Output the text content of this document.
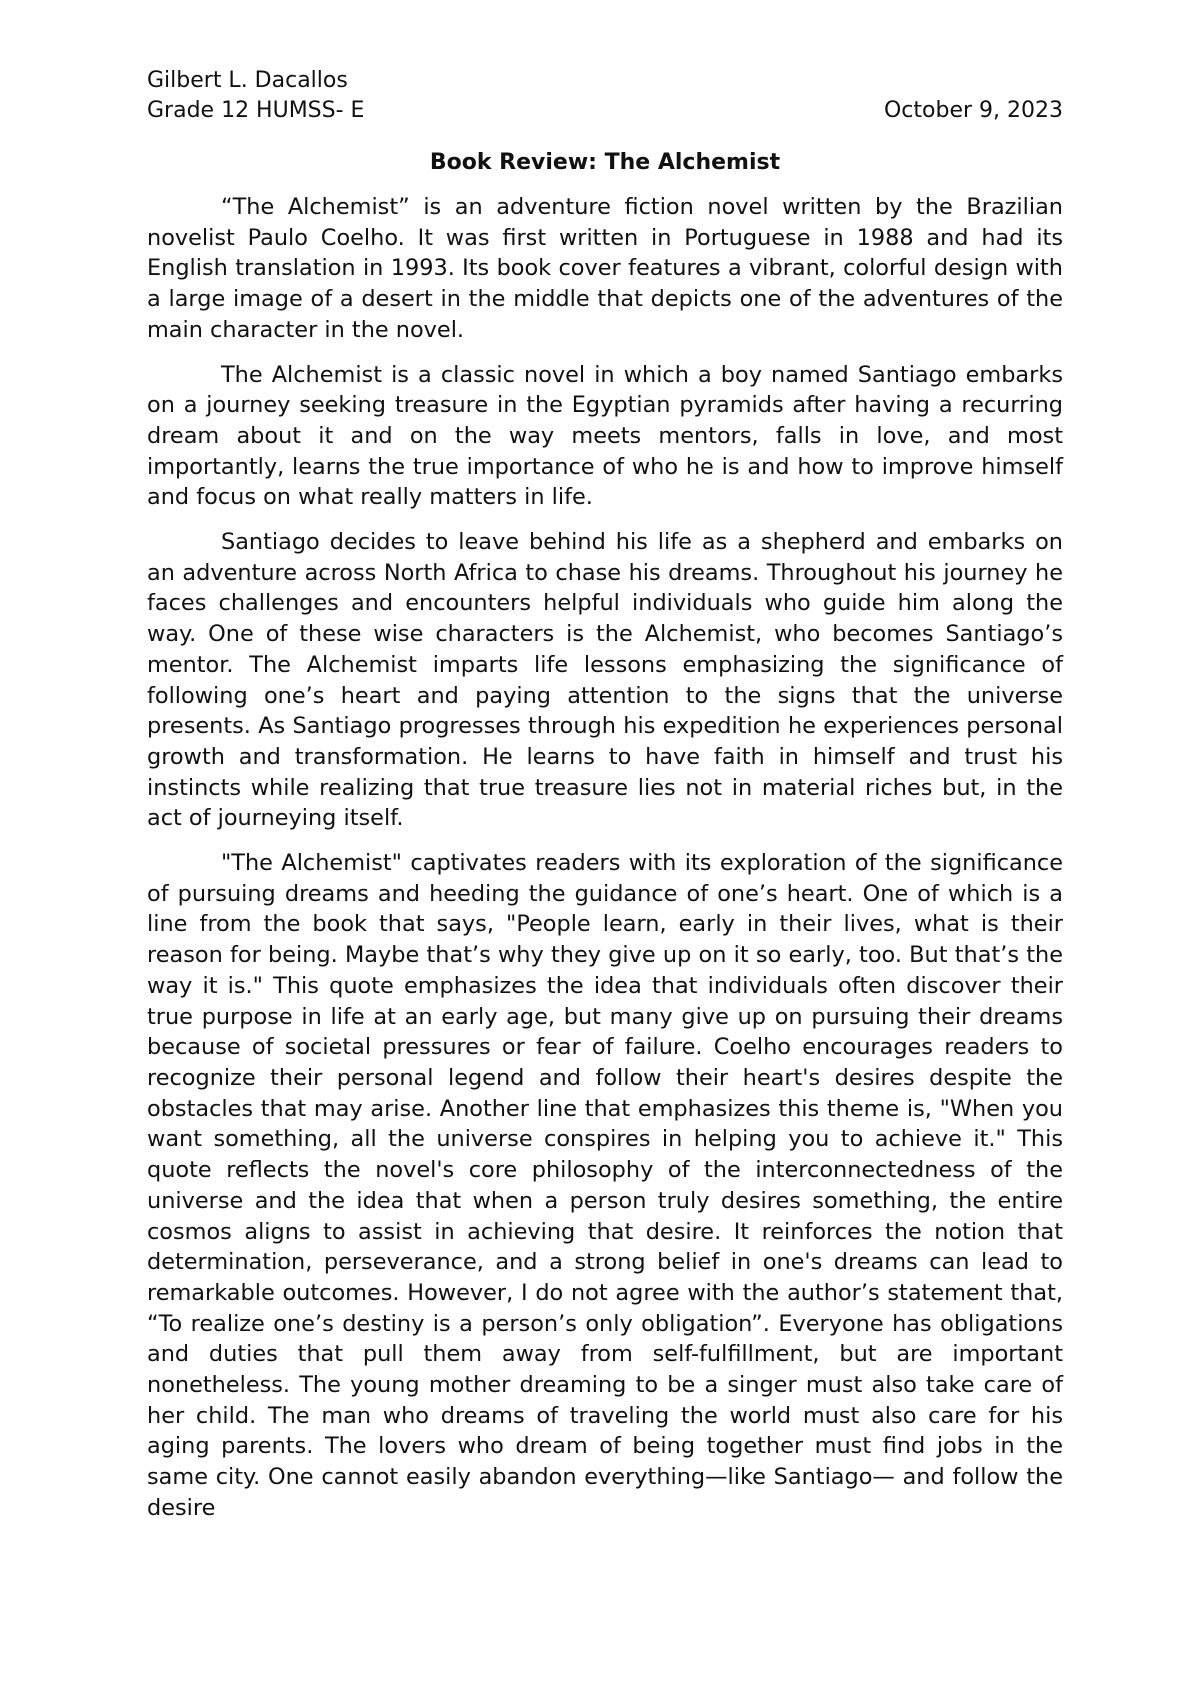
Gilbert L. Dacallos
Grade 12 HUMSS- E	October 9, 2023
Book Review: The Alchemist

“The Alchemist” is an adventure fiction novel written by the Brazilian novelist Paulo Coelho. It was first written in Portuguese in 1988 and had its English translation in 1993. Its book cover features a vibrant, colorful design with a large image of a desert in the middle that depicts one of the adventures of the main character in the novel.

The Alchemist is a classic novel in which a boy named Santiago embarks on a journey seeking treasure in the Egyptian pyramids after having a recurring dream about it and on the way meets mentors, falls in love, and most importantly, learns the true importance of who he is and how to improve himself and focus on what really matters in life.

Santiago decides to leave behind his life as a shepherd and embarks on an adventure across North Africa to chase his dreams. Throughout his journey he faces challenges and encounters helpful individuals who guide him along the way. One of these wise characters is the Alchemist, who becomes Santiago’s mentor. The Alchemist imparts life lessons emphasizing the significance of following one’s heart and paying attention to the signs that the universe presents. As Santiago progresses through his expedition he experiences personal growth and transformation. He learns to have faith in himself and trust his instincts while realizing that true treasure lies not in material riches but, in the act of journeying itself.

"The Alchemist" captivates readers with its exploration of the significance of pursuing dreams and heeding the guidance of one’s heart. One of which is a line from the book that says, "People learn, early in their lives, what is their reason for being. Maybe that’s why they give up on it so early, too. But that’s the way it is." This quote emphasizes the idea that individuals often discover their true purpose in life at an early age, but many give up on pursuing their dreams because of societal pressures or fear of failure. Coelho encourages readers to recognize their personal legend and follow their heart's desires despite the obstacles that may arise. Another line that emphasizes this theme is, "When you want something, all the universe conspires in helping you to achieve it." This quote reflects the novel's core philosophy of the interconnectedness of the universe and the idea that when a person truly desires something, the entire cosmos aligns to assist in achieving that desire. It reinforces the notion that determination, perseverance, and a strong belief in one's dreams can lead to remarkable outcomes. However, I do not agree with the author’s statement that, “To realize one’s destiny is a person’s only obligation”. Everyone has obligations and duties that pull them away from self-fulfillment, but are important nonetheless. The young mother dreaming to be a singer must also take care of her child. The man who dreams of traveling the world must also care for his aging parents. The lovers who dream of being together must find jobs in the same city. One cannot easily abandon everything—like Santiago— and follow the desire
